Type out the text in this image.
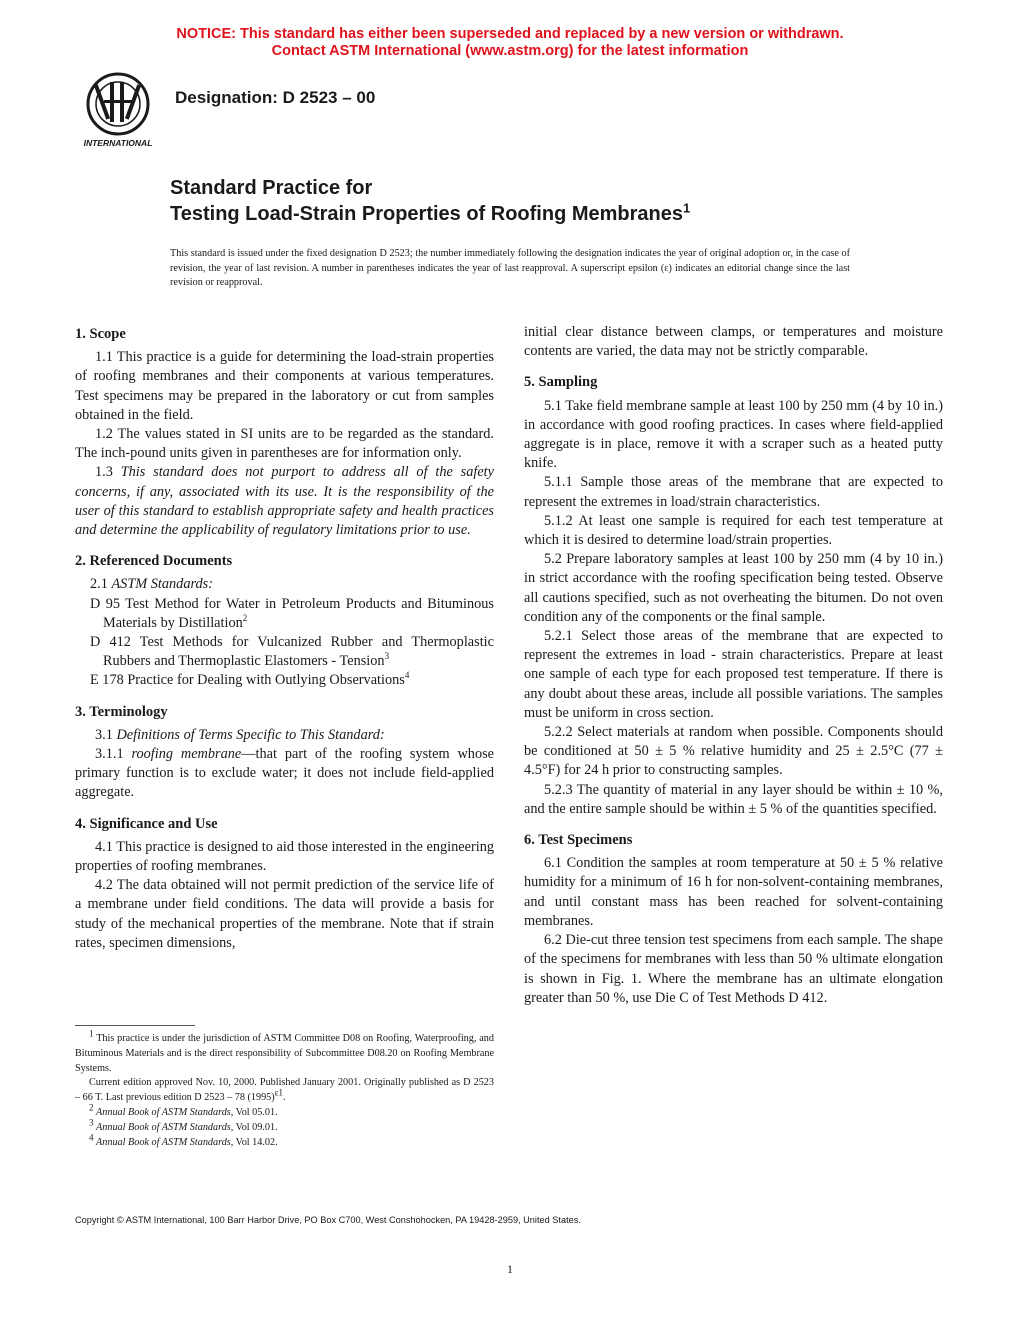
NOTICE: This standard has either been superseded and replaced by a new version or withdrawn.
Contact ASTM International (www.astm.org) for the latest information
INTERNATIONAL
Designation: D 2523 – 00
Standard Practice for
Testing Load-Strain Properties of Roofing Membranes$^1$
This standard is issued under the fixed designation D 2523; the number immediately following the designation indicates the year of original adoption or, in the case of revision, the year of last revision. A number in parentheses indicates the year of last reapproval. A superscript epsilon (ε) indicates an editorial change since the last revision or reapproval.
1. Scope

1.1 This practice is a guide for determining the load-strain properties of roofing membranes and their components at various temperatures. Test specimens may be prepared in the laboratory or cut from samples obtained in the field.

1.2 The values stated in SI units are to be regarded as the standard. The inch-pound units given in parentheses are for information only.

1.3 This standard does not purport to address all of the safety concerns, if any, associated with its use. It is the responsibility of the user of this standard to establish appropriate safety and health practices and determine the applicability of regulatory limitations prior to use.

2. Referenced Documents

2.1 ASTM Standards:

D 95 Test Method for Water in Petroleum Products and Bituminous Materials by Distillation$^2$

D 412 Test Methods for Vulcanized Rubber and Thermoplastic Rubbers and Thermoplastic Elastomers - Tension$^3$

E 178 Practice for Dealing with Outlying Observations$^4$

3. Terminology

3.1 Definitions of Terms Specific to This Standard:

3.1.1 roofing membrane—that part of the roofing system whose primary function is to exclude water; it does not include field-applied aggregate.

4. Significance and Use

4.1 This practice is designed to aid those interested in the engineering properties of roofing membranes.

4.2 The data obtained will not permit prediction of the service life of a membrane under field conditions. The data will provide a basis for study of the mechanical properties of the membrane. Note that if strain rates, specimen dimensions,

initial clear distance between clamps, or temperatures and moisture contents are varied, the data may not be strictly comparable.

5. Sampling

5.1 Take field membrane sample at least 100 by 250 mm (4 by 10 in.) in accordance with good roofing practices. In cases where field-applied aggregate is in place, remove it with a scraper such as a heated putty knife.

5.1.1 Sample those areas of the membrane that are expected to represent the extremes in load/strain characteristics.

5.1.2 At least one sample is required for each test temperature at which it is desired to determine load/strain properties.

5.2 Prepare laboratory samples at least 100 by 250 mm (4 by 10 in.) in strict accordance with the roofing specification being tested. Observe all cautions specified, such as not overheating the bitumen. Do not oven condition any of the components or the final sample.

5.2.1 Select those areas of the membrane that are expected to represent the extremes in load - strain characteristics. Prepare at least one sample of each type for each proposed test temperature. If there is any doubt about these areas, include all possible variations. The samples must be uniform in cross section.

5.2.2 Select materials at random when possible. Components should be conditioned at 50 ± 5 % relative humidity and 25 ± 2.5°C (77 ± 4.5°F) for 24 h prior to constructing samples.

5.2.3 The quantity of material in any layer should be within ± 10 %, and the entire sample should be within ± 5 % of the quantities specified.

6. Test Specimens

6.1 Condition the samples at room temperature at 50 ± 5 % relative humidity for a minimum of 16 h for non-solvent-containing membranes, and until constant mass has been reached for solvent-containing membranes.

6.2 Die-cut three tension test specimens from each sample. The shape of the specimens for membranes with less than 50 % ultimate elongation is shown in Fig. 1. Where the membrane has an ultimate elongation greater than 50 %, use Die C of Test Methods D 412.

$^1$ This practice is under the jurisdiction of ASTM Committee D08 on Roofing, Waterproofing, and Bituminous Materials and is the direct responsibility of Subcommittee D08.20 on Roofing Membrane Systems.

Current edition approved Nov. 10, 2000. Published January 2001. Originally published as D 2523 – 66 T. Last previous edition D 2523 – 78 $(1995)^{\varepsilon 1}$.

$^2$ Annual Book of ASTM Standards, Vol 05.01.

$^3$ Annual Book of ASTM Standards, Vol 09.01.

$^4$ Annual Book of ASTM Standards, Vol 14.02.

Copyright © ASTM International, 100 Barr Harbor Drive, PO Box C700, West Conshohocken, PA 19428-2959, United States.
1
